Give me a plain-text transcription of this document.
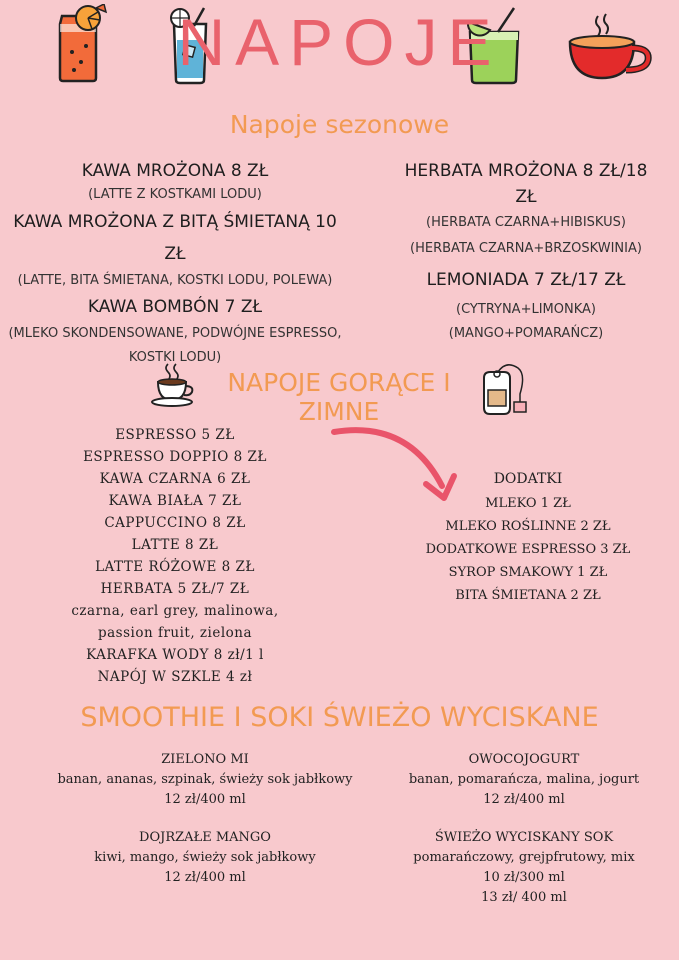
NAPOJE
Napoje sezonowe
KAWA MROŻONA 8 ZŁ
(LATTE Z KOSTKAMI LODU)
KAWA MROŻONA Z BITĄ ŚMIETANĄ 10 ZŁ
(LATTE, BITA ŚMIETANA, KOSTKI LODU, POLEWA)
KAWA BOMBÓN 7 ZŁ
(MLEKO SKONDENSOWANE, PODWÓJNE ESPRESSO, KOSTKI LODU)
HERBATA MROŻONA 8 ZŁ/18 ZŁ
(HERBATA CZARNA+HIBISKUS)
(HERBATA CZARNA+BRZOSKWINIA)
LEMONIADA 7 ZŁ/17 ZŁ
(CYTRYNA+LIMONKA)
(MANGO+POMARAŃCZ)
NAPOJE GORĄCE I ZIMNE
ESPRESSO 5 ZŁ
ESPRESSO DOPPIO 8 ZŁ
KAWA CZARNA 6 ZŁ
KAWA BIAŁA 7 ZŁ
CAPPUCCINO 8 ZŁ
LATTE 8 ZŁ
LATTE RÓŻOWE 8 ZŁ
HERBATA 5 ZŁ/7 ZŁ
czarna, earl grey, malinowa,
passion fruit, zielona
KARAFKA WODY 8 zł/1 l
NAPÓJ W SZKLE 4 zł
DODATKI
MLEKO 1 ZŁ
MLEKO ROŚLINNE 2 ZŁ
DODATKOWE ESPRESSO 3 ZŁ
SYROP SMAKOWY 1 ZŁ
BITA ŚMIETANA 2 ZŁ
SMOOTHIE I SOKI ŚWIEŻO WYCISKANE
ZIELONO MI
banan, ananas, szpinak, świeży sok jabłkowy
12 zł/400 ml
DOJRZAŁE MANGO
kiwi, mango, świeży sok jabłkowy
12 zł/400 ml
OWOCOJOGURT
banan, pomarańcza, malina, jogurt
12 zł/400 ml
ŚWIEŻO WYCISKANY SOK
pomarańczowy, grejpfrutowy, mix
10 zł/300 ml
13 zł/ 400 ml
